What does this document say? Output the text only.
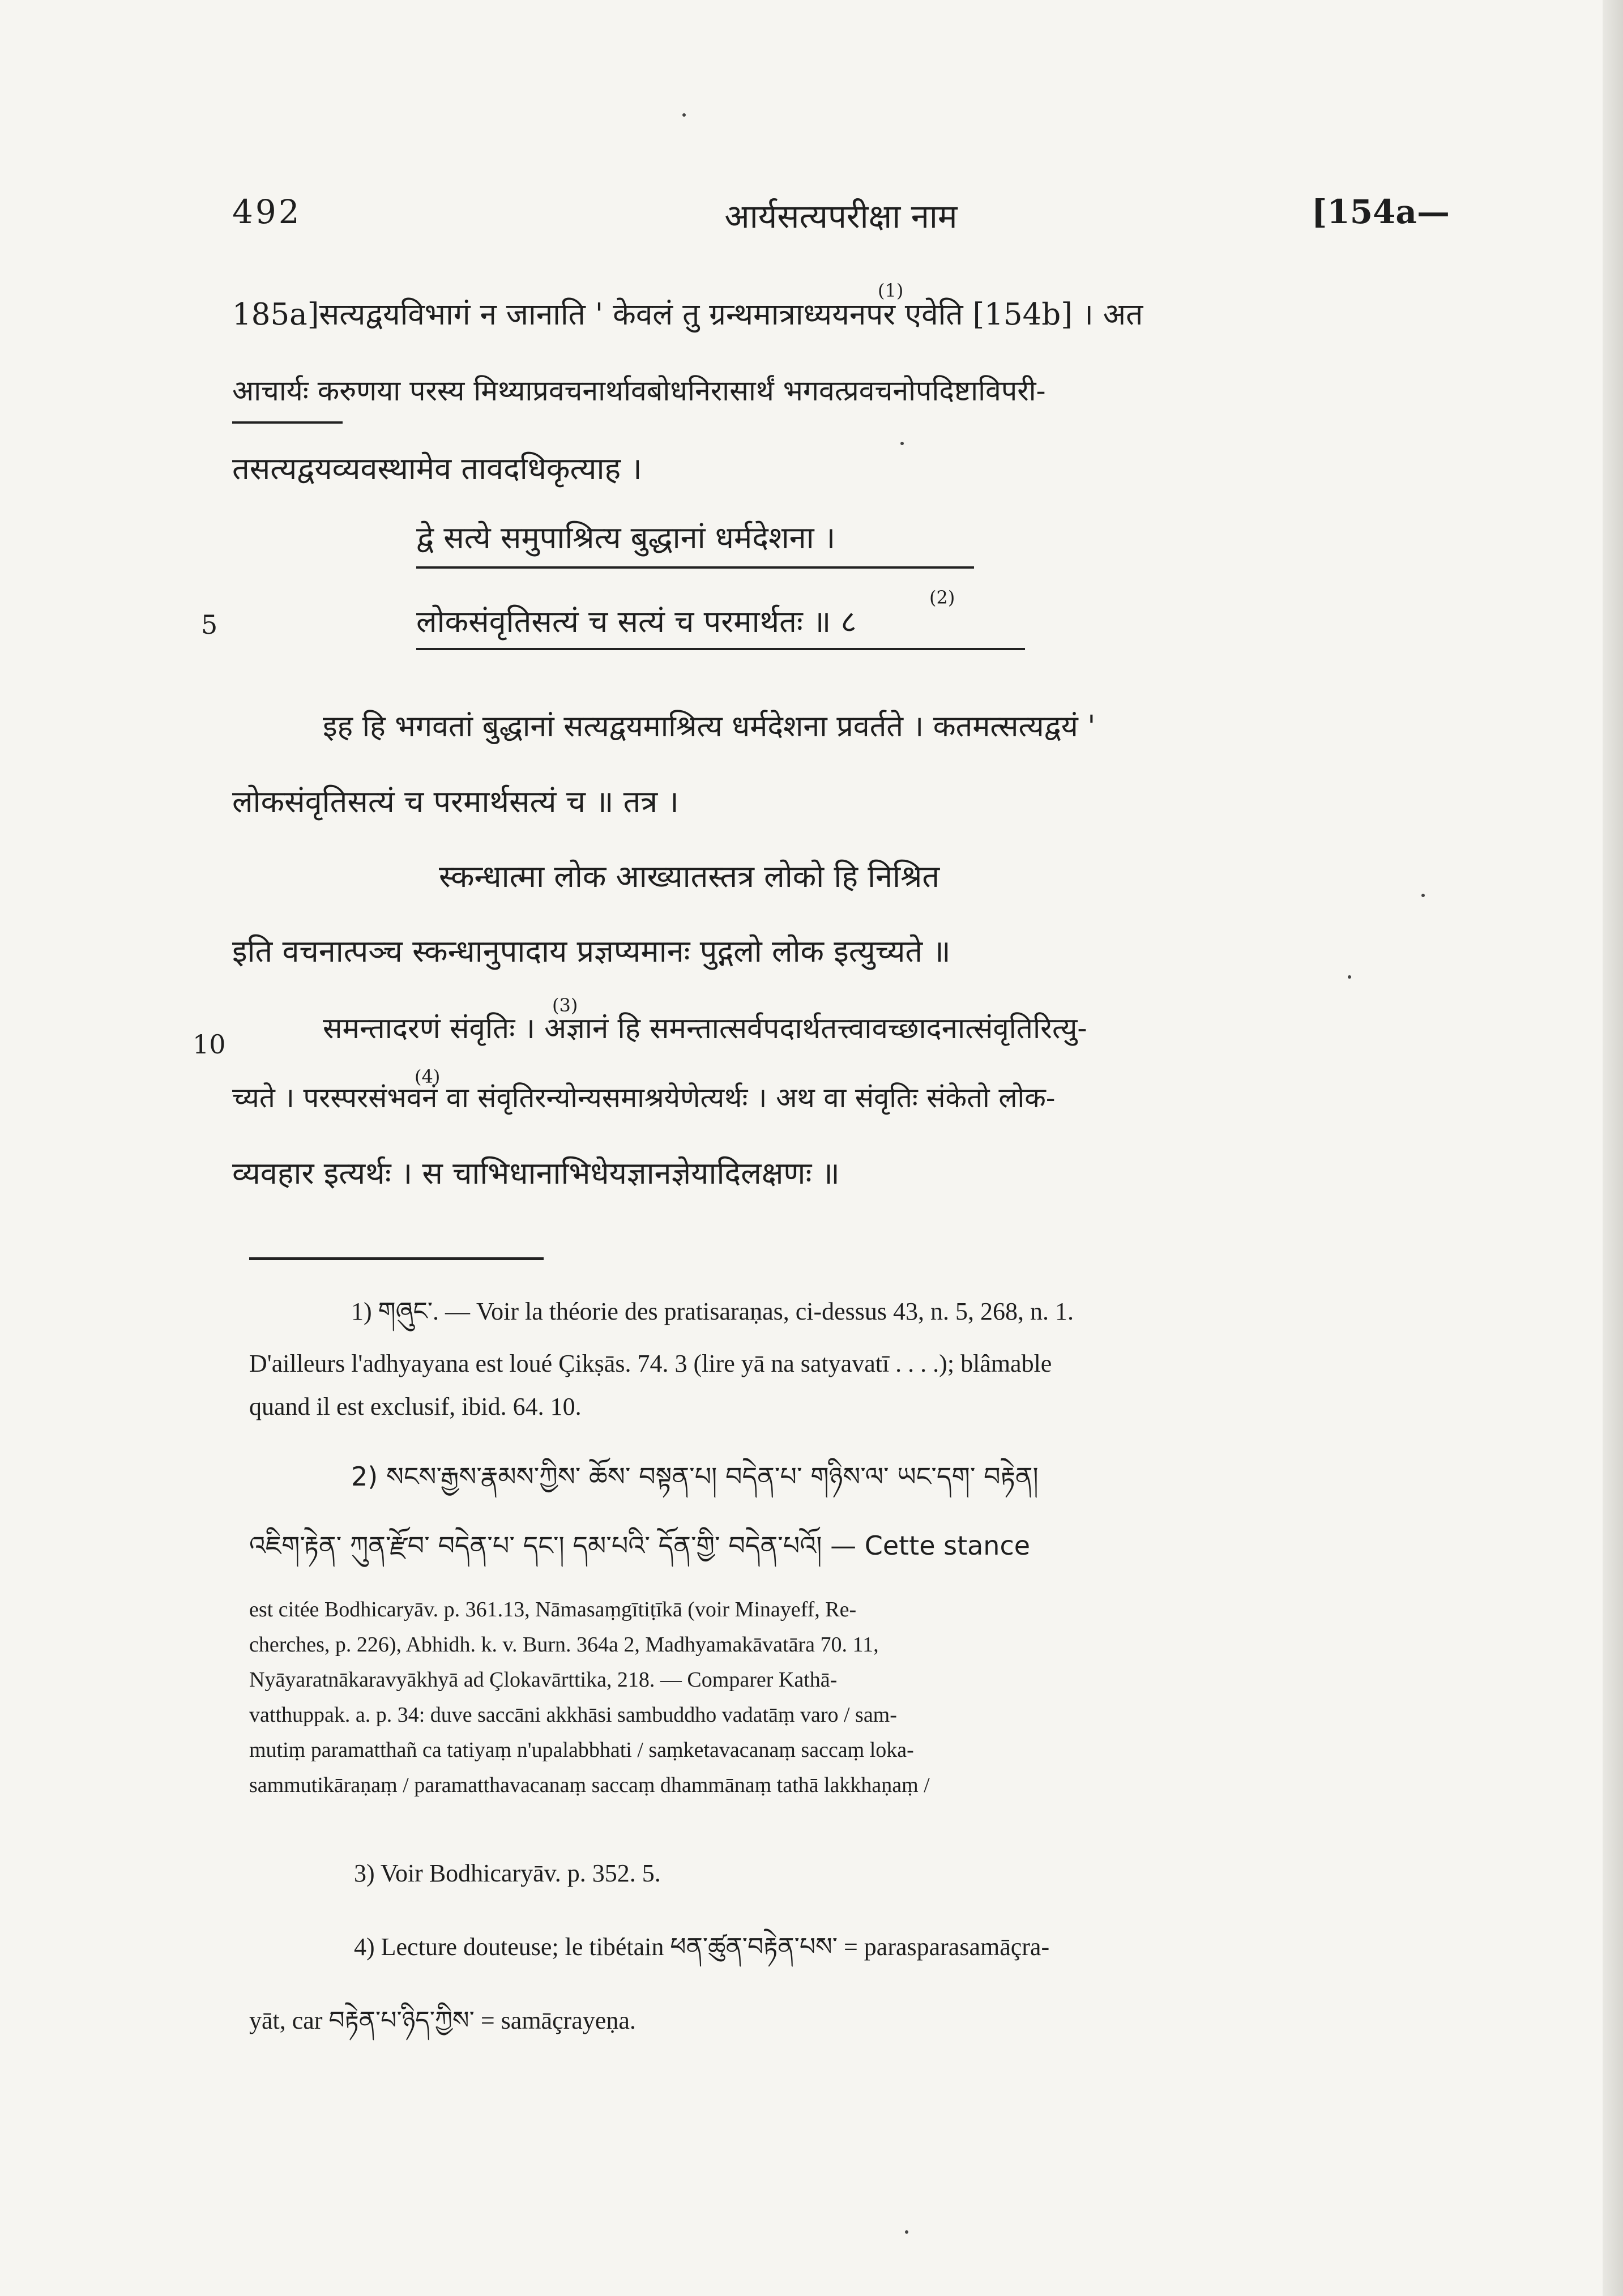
492	आर्यसत्यपरीक्षा नाम	[154a—
(1)
185a]सत्यद्वयविभागं न जानाति ' केवलं तु ग्रन्थमात्राध्ययनपर एवेति [154b] । अत
आचार्यः करुणया परस्य मिथ्याप्रवचनार्थावबोधनिरासार्थं भगवत्प्रवचनोपदिष्टाविपरी-
तसत्यद्वयव्यवस्थामेव तावदधिकृत्याह ।
द्वे सत्ये समुपाश्रित्य बुद्धानां धर्मदेशना ।
5
(2)
लोकसंवृतिसत्यं च सत्यं च परमार्थतः ॥ ८
इह हि भगवतां बुद्धानां सत्यद्वयमाश्रित्य धर्मदेशना प्रवर्तते । कतमत्सत्यद्वयं '
लोकसंवृतिसत्यं च परमार्थसत्यं च ॥ तत्र ।
स्कन्धात्मा लोक आख्यातस्तत्र लोको हि निश्रित
इति वचनात्पञ्च स्कन्धानुपादाय प्रज्ञप्यमानः पुद्गलो लोक इत्युच्यते ॥
10
(3)
समन्तादरणं संवृतिः । अज्ञानं हि समन्तात्सर्वपदार्थतत्त्वावच्छादनात्संवृतिरित्यु-
(4)
च्यते । परस्परसंभवनं वा संवृतिरन्योन्यसमाश्रयेणेत्यर्थः । अथ वा संवृतिः संकेतो लोक-
व्यवहार इत्यर्थः । स चाभिधानाभिधेयज्ञानज्ञेयादिलक्षणः ॥
1) གཞུང་. — Voir la théorie des pratisaraṇas, ci-dessus 43, n. 5, 268, n. 1.
D'ailleurs l'adhyayana est loué Çikṣās. 74. 3 (lire yā na satyavatī . . . .); blâmable
quand il est exclusif, ibid. 64. 10.
2) སངས་རྒྱས་རྣམས་ཀྱིས་ ཆོས་ བསྟན་པ། བདེན་པ་ གཉིས་ལ་ ཡང་དག་ བརྟེན།
འཇིག་རྟེན་ ཀུན་རྫོབ་ བདེན་པ་ དང་། དམ་པའི་ དོན་གྱི་ བདེན་པའོ། — Cette stance
est citée Bodhicaryāv. p. 361.13, Nāmasaṃgītiṭīkā (voir Minayeff, Re-
cherches, p. 226), Abhidh. k. v. Burn. 364a 2, Madhyamakāvatāra 70. 11,
Nyāyaratnākaravyākhyā ad Çlokavārttika, 218. — Comparer Kathā-
vatthuppak. a. p. 34: duve saccāni akkhāsi sambuddho vadatāṃ varo / sam-
mutiṃ paramatthañ ca tatiyaṃ n'upalabbhati / saṃketavacanaṃ saccaṃ loka-
sammutikāraṇaṃ / paramatthavacanaṃ saccaṃ dhammānaṃ tathā lakkhaṇaṃ /
3) Voir Bodhicaryāv. p. 352. 5.
4) Lecture douteuse; le tibétain ཕན་ཚུན་བརྟེན་པས་ = parasparasamāçra-
yāt, car བརྟེན་པ་ཉིད་ཀྱིས་ = samāçrayeṇa.
